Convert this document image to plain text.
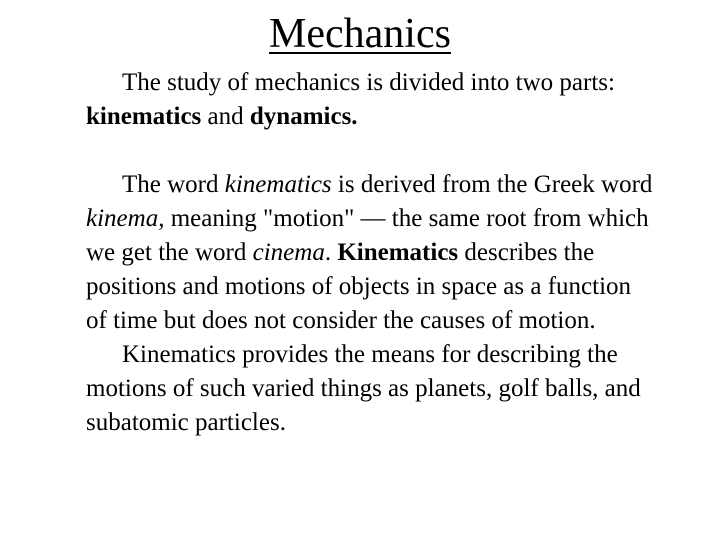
Mechanics

The study of mechanics is divided into two parts: kinematics and dynamics.

The word kinematics is derived from the Greek word kinema, meaning "motion" — the same root from which we get the word cinema. Kinematics describes the positions and motions of objects in space as a function of time but does not consider the causes of motion.

Kinematics provides the means for describing the motions of such varied things as planets, golf balls, and subatomic particles.
